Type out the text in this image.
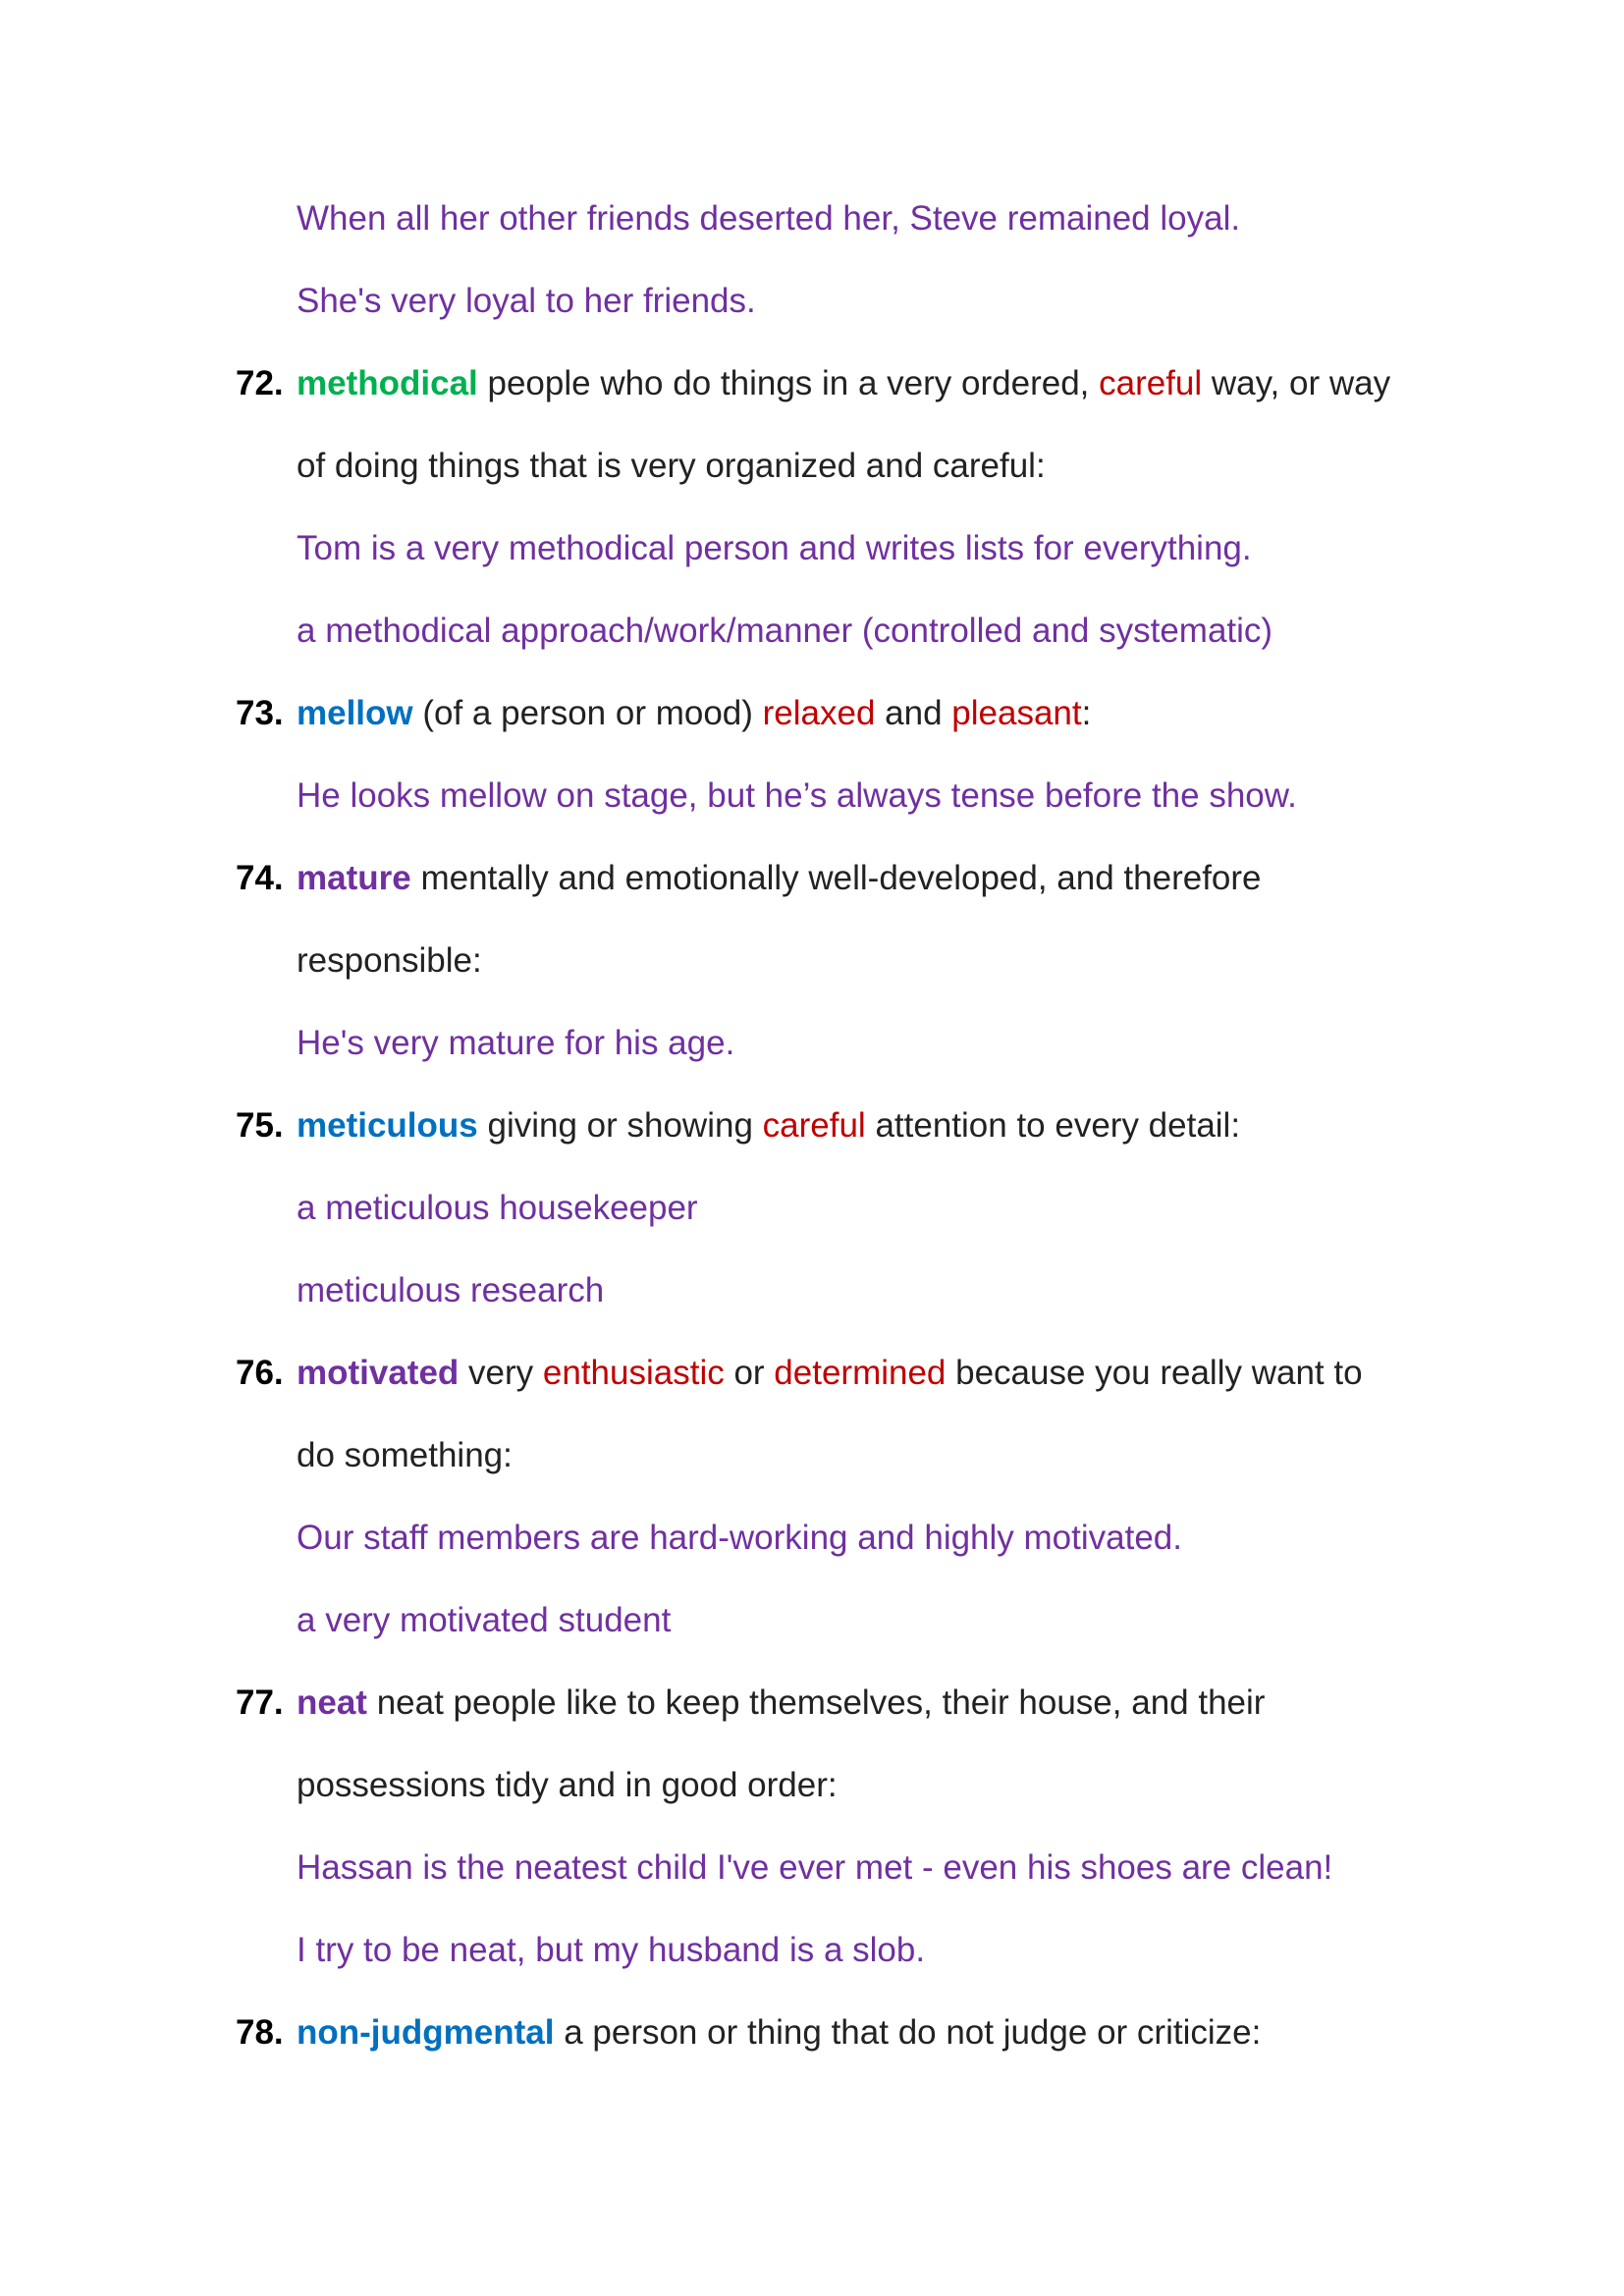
When all her other friends deserted her, Steve remained loyal.
She's very loyal to her friends.
72. methodical people who do things in a very ordered, careful way, or way
of doing things that is very organized and careful:
Tom is a very methodical person and writes lists for everything.
a methodical approach/work/manner (controlled and systematic)
73. mellow (of a person or mood) relaxed and pleasant:
He looks mellow on stage, but he’s always tense before the show.
74. mature mentally and emotionally well-developed, and therefore
responsible:
He's very mature for his age.
75. meticulous giving or showing careful attention to every detail:
a meticulous housekeeper
meticulous research
76. motivated very enthusiastic or determined because you really want to
do something:
Our staff members are hard-working and highly motivated.
a very motivated student
77. neat neat people like to keep themselves, their house, and their
possessions tidy and in good order:
Hassan is the neatest child I've ever met - even his shoes are clean!
I try to be neat, but my husband is a slob.
78. non-judgmental a person or thing that do not judge or criticize:
